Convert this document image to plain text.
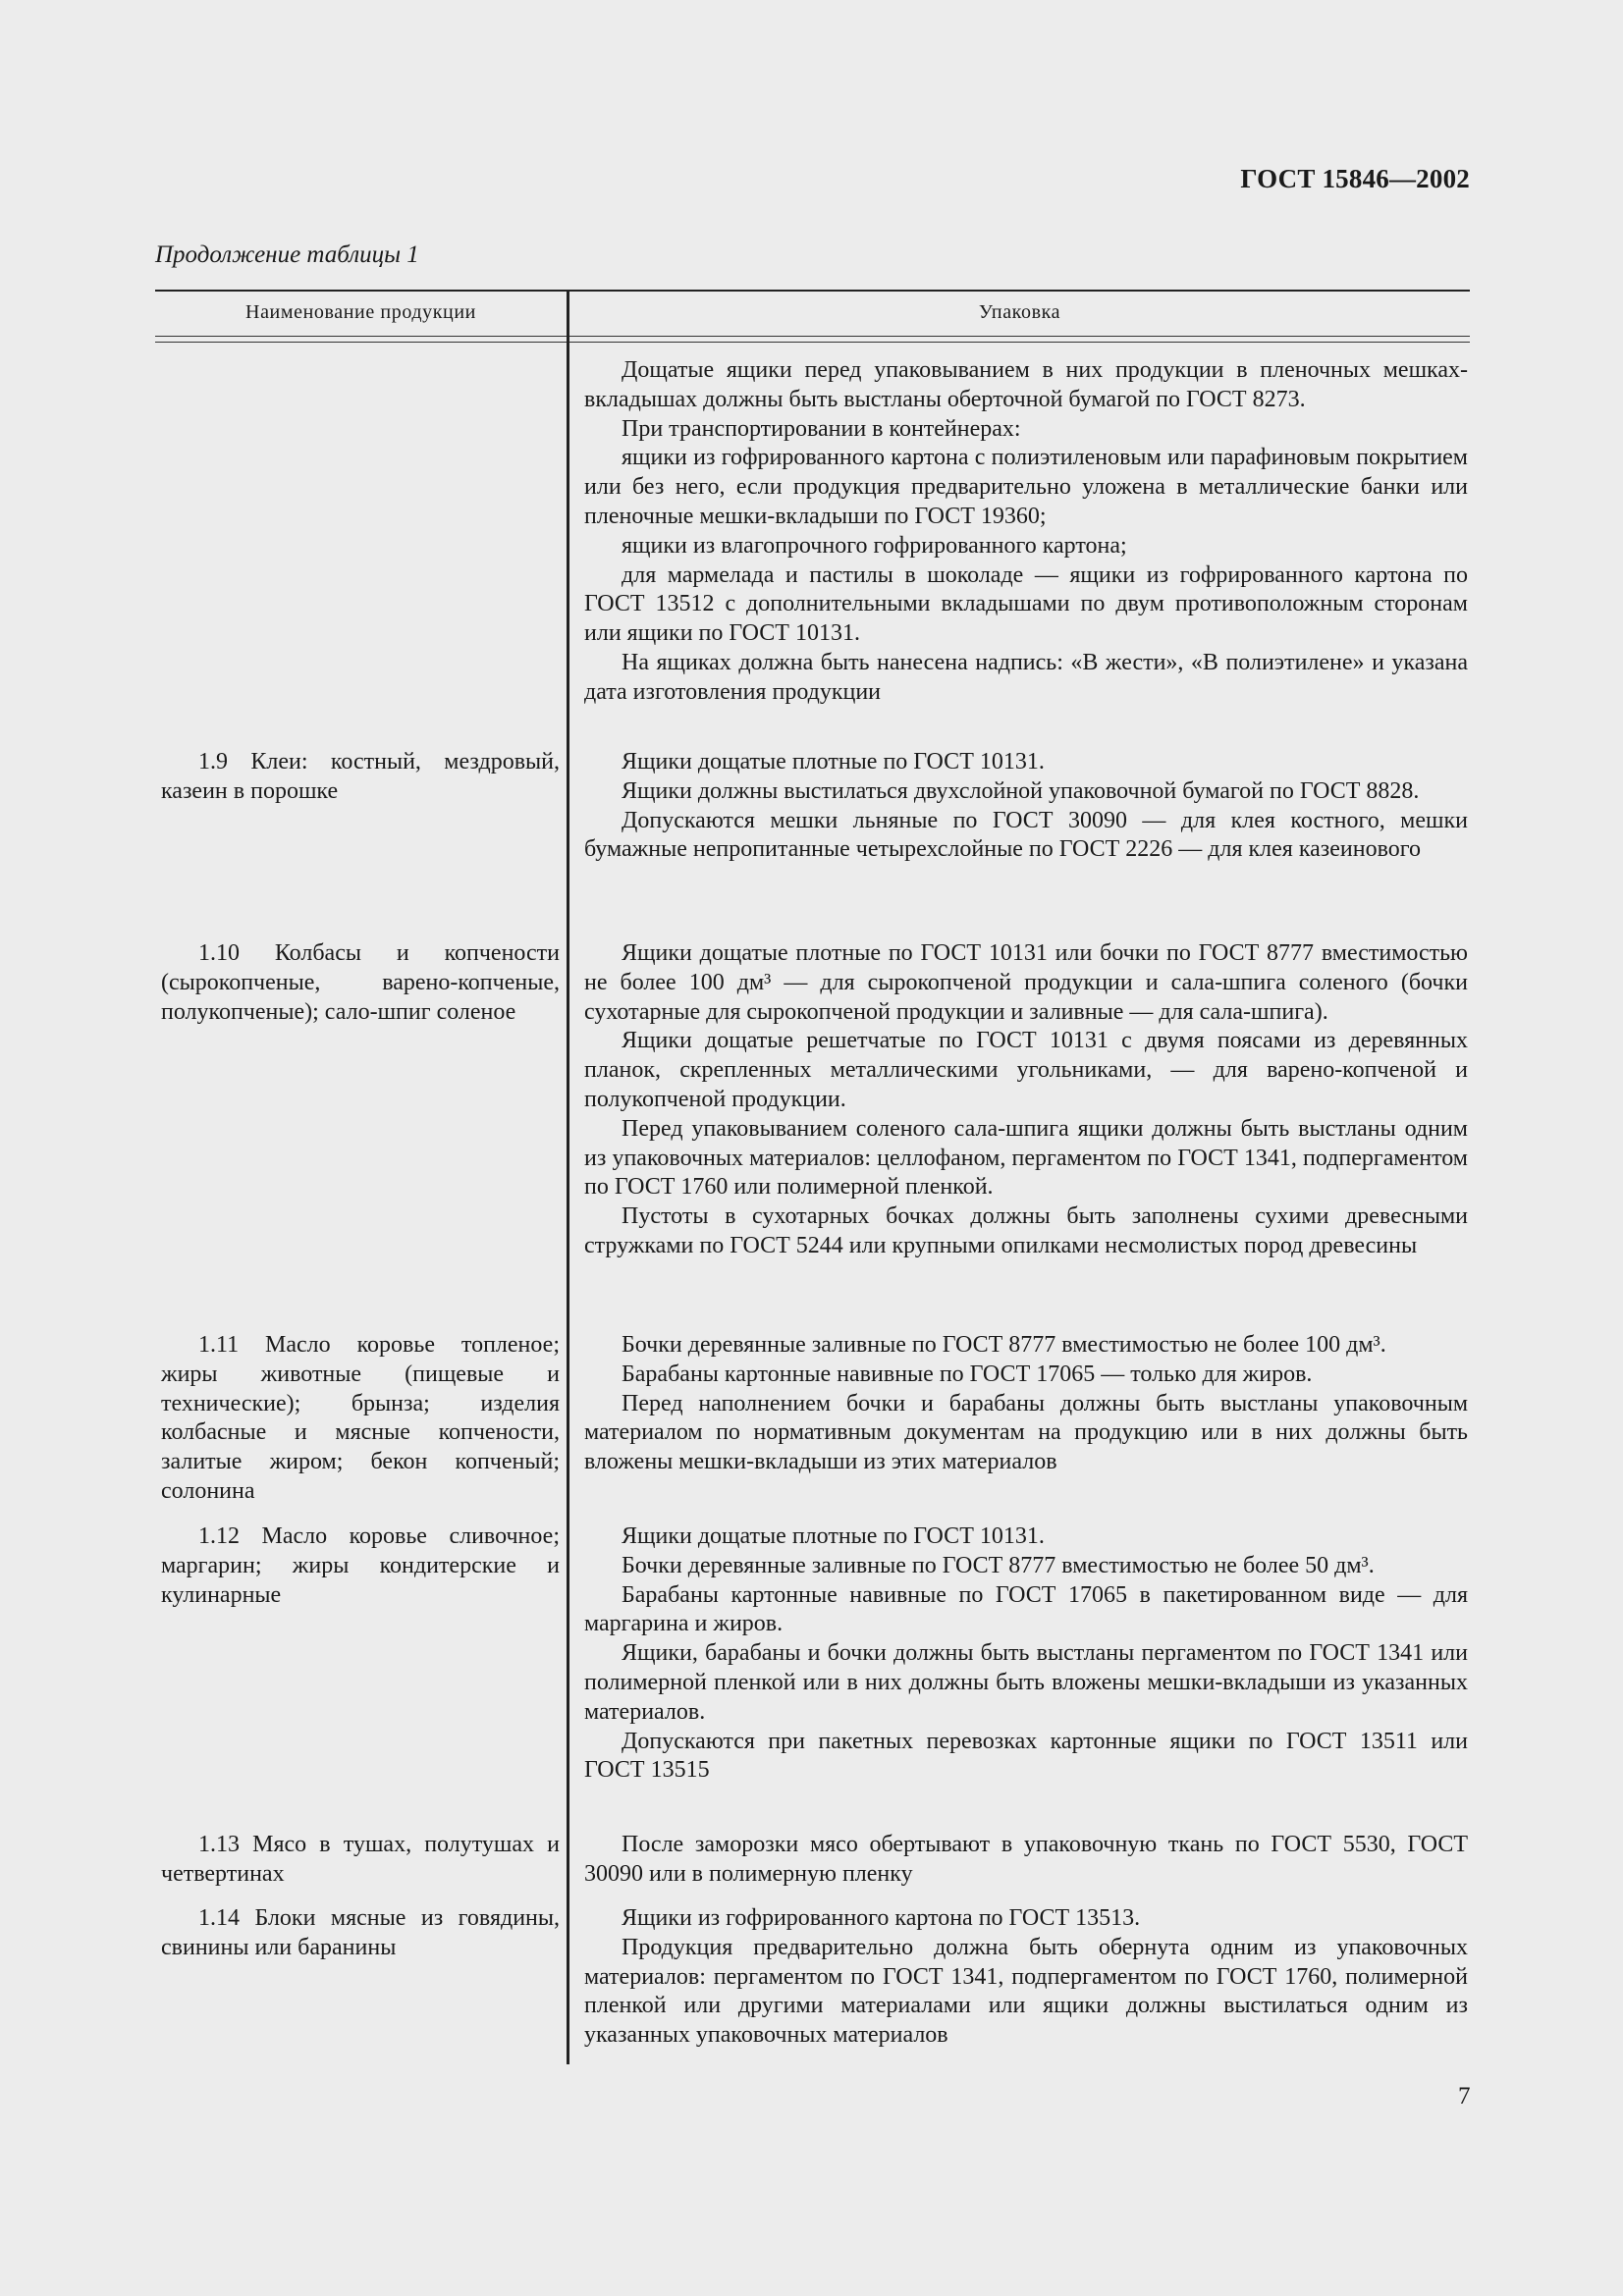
ГОСТ 15846—2002
Продолжение таблицы 1
Наименование продукции	Упаковка

Дощатые ящики перед упаковыванием в них продукции в пленочных мешках-вкладышах должны быть выстланы оберточной бумагой по ГОСТ 8273.

При транспортировании в контейнерах:

ящики из гофрированного картона с полиэтиленовым или парафиновым покрытием или без него, если продукция предварительно уложена в металлические банки или пленочные мешки-вкладыши по ГОСТ 19360;

ящики из влагопрочного гофрированного картона;

для мармелада и пастилы в шоколаде — ящики из гофрированного картона по ГОСТ 13512 с дополнительными вкладышами по двум противоположным сторонам или ящики по ГОСТ 10131.

На ящиках должна быть нанесена надпись: «В жести», «В полиэтилене» и указана дата изготовления продукции

1.9 Клеи: костный, мездровый, казеин в порошке

Ящики дощатые плотные по ГОСТ 10131.

Ящики должны выстилаться двухслойной упаковочной бумагой по ГОСТ 8828.

Допускаются мешки льняные по ГОСТ 30090 — для клея костного, мешки бумажные непропитанные четырехслойные по ГОСТ 2226 — для клея казеинового

1.10 Колбасы и копчености (сырокопченые, варено-копченые, полукопченые); сало-шпиг соленое

Ящики дощатые плотные по ГОСТ 10131 или бочки по ГОСТ 8777 вместимостью не более 100 дм³ — для сырокопченой продукции и сала-шпига соленого (бочки сухотарные для сырокопченой продукции и заливные — для сала-шпига).

Ящики дощатые решетчатые по ГОСТ 10131 с двумя поясами из деревянных планок, скрепленных металлическими угольниками, — для варено-копченой и полукопченой продукции.

Перед упаковыванием соленого сала-шпига ящики должны быть выстланы одним из упаковочных материалов: целлофаном, пергаментом по ГОСТ 1341, подпергаментом по ГОСТ 1760 или полимерной пленкой.

Пустоты в сухотарных бочках должны быть заполнены сухими древесными стружками по ГОСТ 5244 или крупными опилками несмолистых пород древесины

1.11 Масло коровье топленое; жиры животные (пищевые и технические); брынза; изделия колбасные и мясные копчености, залитые жиром; бекон копченый; солонина

Бочки деревянные заливные по ГОСТ 8777 вместимостью не более 100 дм³.

Барабаны картонные навивные по ГОСТ 17065 — только для жиров.

Перед наполнением бочки и барабаны должны быть выстланы упаковочным материалом по нормативным документам на продукцию или в них должны быть вложены мешки-вкладыши из этих материалов

1.12 Масло коровье сливочное; маргарин; жиры кондитерские и кулинарные

Ящики дощатые плотные по ГОСТ 10131.

Бочки деревянные заливные по ГОСТ 8777 вместимостью не более 50 дм³.

Барабаны картонные навивные по ГОСТ 17065 в пакетированном виде — для маргарина и жиров.

Ящики, барабаны и бочки должны быть выстланы пергаментом по ГОСТ 1341 или полимерной пленкой или в них должны быть вложены мешки-вкладыши из указанных материалов.

Допускаются при пакетных перевозках картонные ящики по ГОСТ 13511 или ГОСТ 13515

1.13 Мясо в тушах, полутушах и четвертинах

После заморозки мясо обертывают в упаковочную ткань по ГОСТ 5530, ГОСТ 30090 или в полимерную пленку

1.14 Блоки мясные из говядины, свинины или баранины

Ящики из гофрированного картона по ГОСТ 13513.

Продукция предварительно должна быть обернута одним из упаковочных материалов: пергаментом по ГОСТ 1341, подпергаментом по ГОСТ 1760, полимерной пленкой или другими материалами или ящики должны выстилаться одним из указанных упаковочных материалов

7
